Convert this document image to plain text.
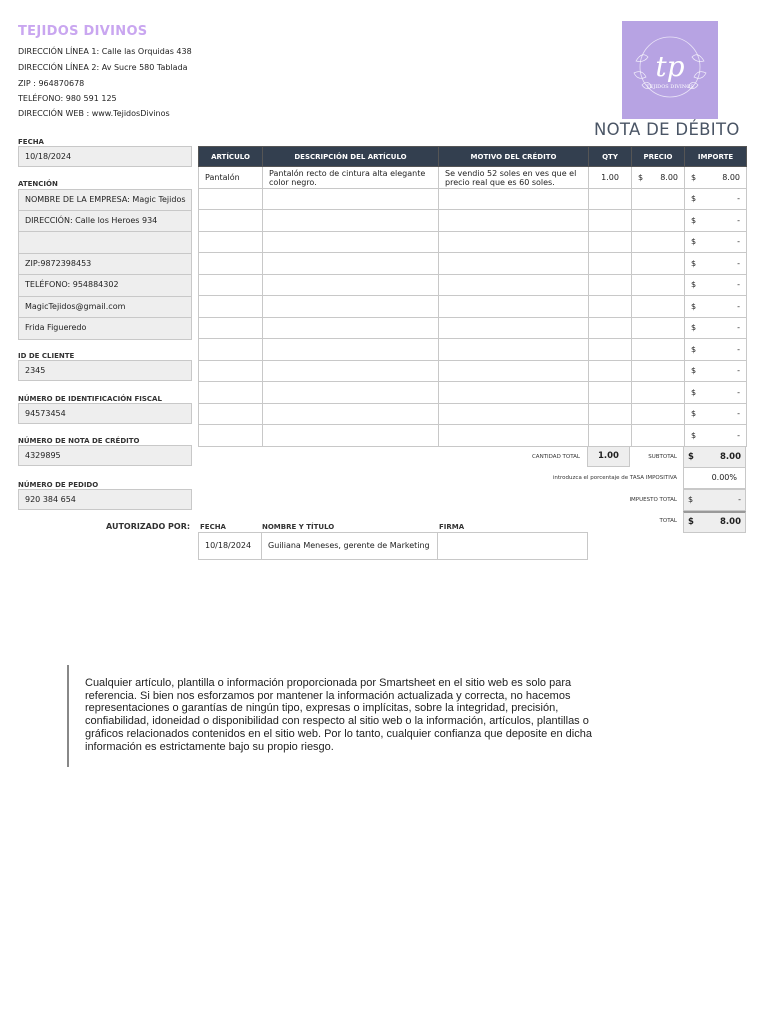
TEJIDOS DIVINOS
DIRECCIÓN LÍNEA 1: Calle las Orquidas 438
DIRECCIÓN LÍNEA 2: Av Sucre 580 Tablada
ZIP : 964870678
TELÉFONO: 980 591 125
DIRECCIÓN WEB : www.TejidosDivinos
tp
TEJIDOS DIVINOS
NOTA DE DÉBITO
FECHA
10/18/2024
ATENCIÓN
NOMBRE DE LA EMPRESA: Magic Tejidos
DIRECCIÓN: Calle los Heroes 934
ZIP:9872398453
TELÉFONO: 954884302
MagicTejidos@gmail.com
Frida Figueredo
ID DE CLIENTE
2345
NÚMERO DE IDENTIFICACIÓN FISCAL
94573454
NÚMERO DE NOTA DE CRÉDITO
4329895
NÚMERO DE PEDIDO
920 384 654
ARTÍCULO	DESCRIPCIÓN DEL ARTÍCULO	MOTIVO DEL CRÉDITO	QTY	PRECIO	IMPORTE
Pantalón	Pantalón recto de cintura alta elegante color negro.	Se vendio 52 soles en ves que el precio real que es 60 soles.	1.00	$ 8.00	$ 8.00

					$ -

					$ -

					$ -

					$ -

					$ -

					$ -

					$ -

					$ -

					$ -

					$ -

					$ -

					$ -
CANTIDAD TOTAL	1.00	SUBTOTAL $	8.00
introduzca el porcentaje de TASA IMPOSITIVA	0.00%
IMPUESTO TOTAL $	-
TOTAL $	8.00
AUTORIZADO POR: FECHA	NOMBRE Y TÍTULO	FIRMA
10/18/2024	Guiliana Meneses, gerente de Marketing
Cualquier artículo, plantilla o información proporcionada por Smartsheet en el sitio web es solo para referencia. Si bien nos esforzamos por mantener la información actualizada y correcta, no hacemos representaciones o garantías de ningún tipo, expresas o implícitas, sobre la integridad, precisión, confiabilidad, idoneidad o disponibilidad con respecto al sitio web o la información, artículos, plantillas o gráficos relacionados contenidos en el sitio web. Por lo tanto, cualquier confianza que deposite en dicha información es estrictamente bajo su propio riesgo.
